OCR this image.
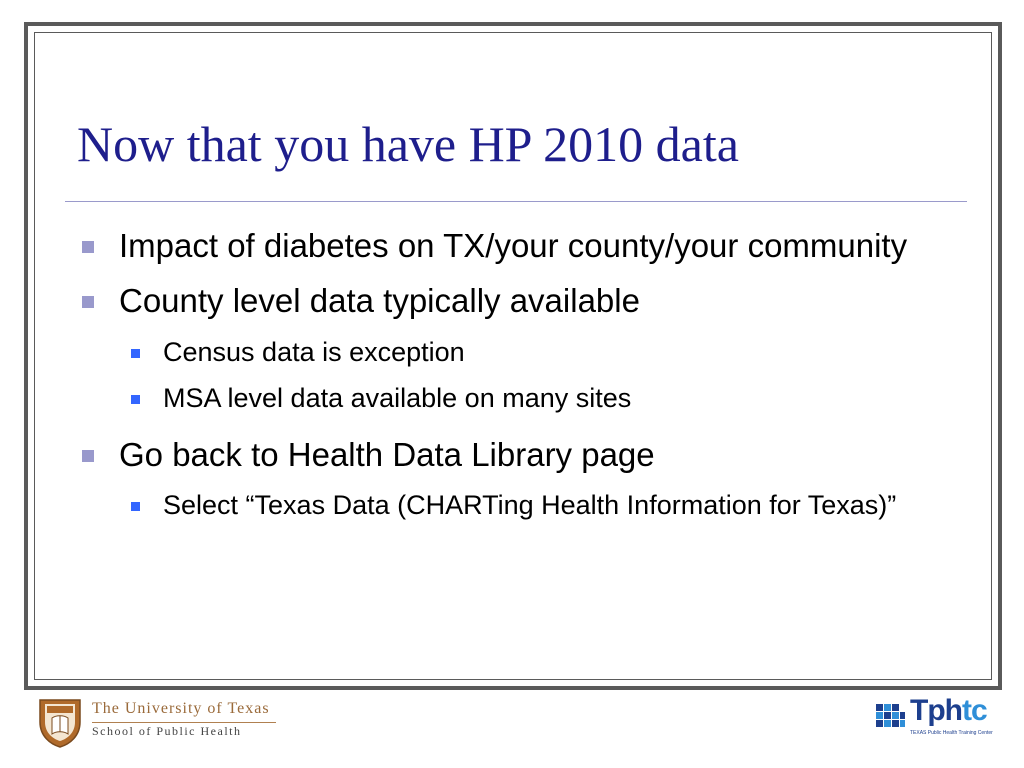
Now that you have HP 2010 data
Impact of diabetes on TX/your county/your community
County level data typically available
Census data is exception
MSA level data available on many sites
Go back to Health Data Library page
Select “Texas Data (CHARTing Health Information for Texas)”
The University of Texas
School of Public Health
Tphtc
TEXAS Public Health Training Center
